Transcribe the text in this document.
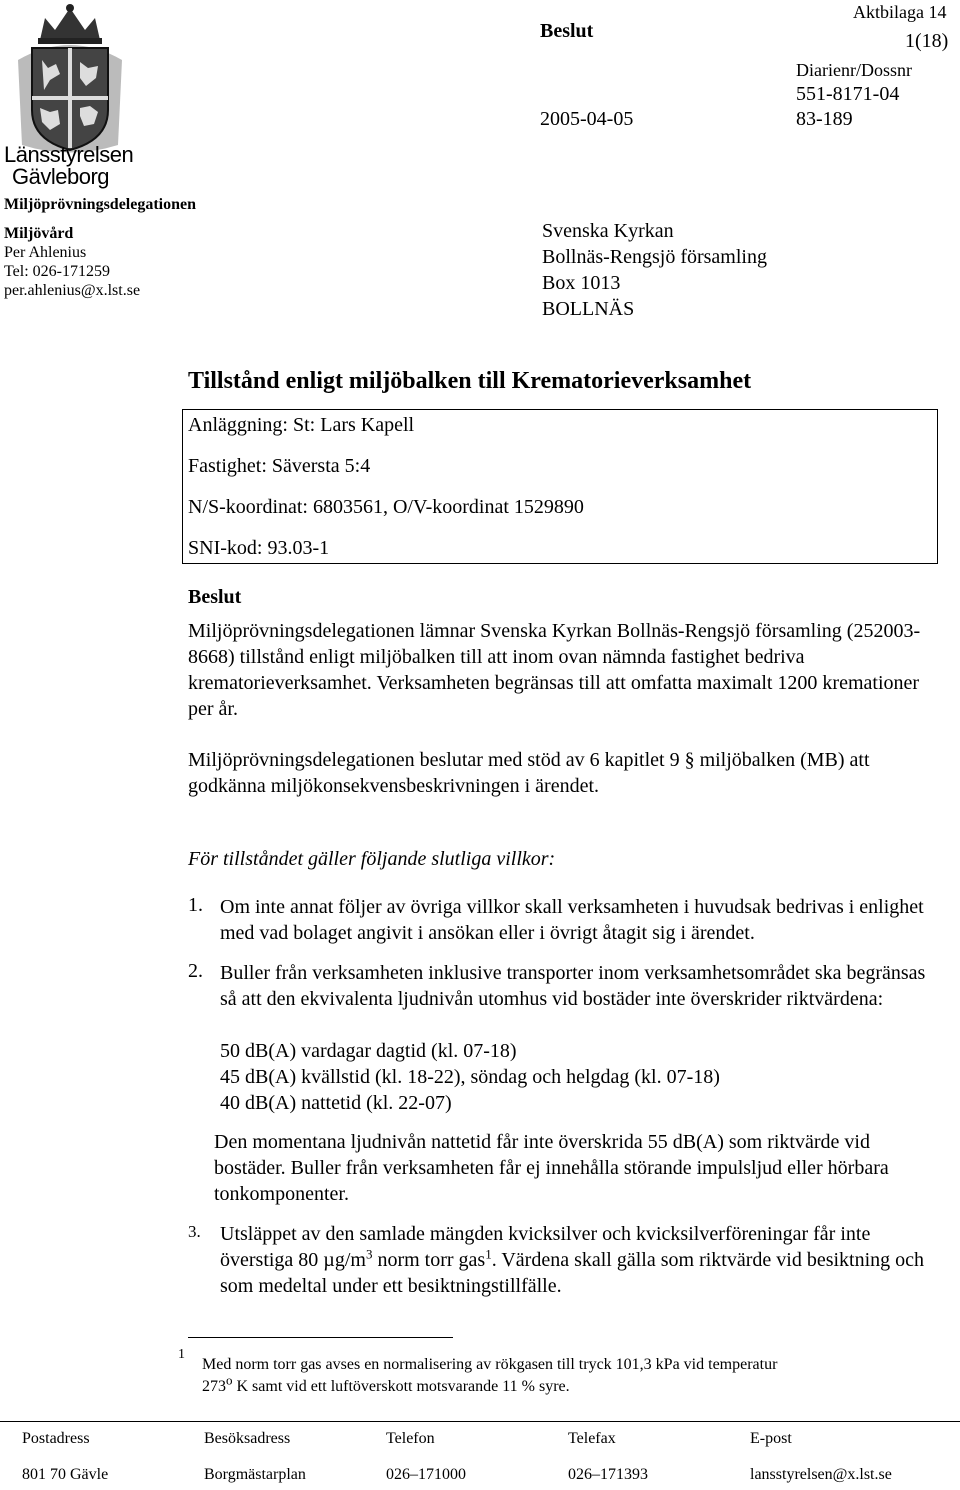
Länsstyrelsen
Gävleborg
Miljöprövningsdelegationen
Miljövård
Per Ahlenius
Tel: 026-171259
per.ahlenius@x.lst.se
Beslut
Aktbilaga 14
1(18)
Diarienr/Dossnr
551-8171-04
2005-04-05	83-189
Svenska Kyrkan
Bollnäs-Rengsjö församling
Box 1013
BOLLNÄS
Tillstånd enligt miljöbalken till Krematorieverksamhet
Anläggning: St: Lars Kapell
Fastighet: Säversta 5:4
N/S-koordinat: 6803561, O/V-koordinat 1529890
SNI-kod: 93.03-1
Beslut
Miljöprövningsdelegationen lämnar Svenska Kyrkan Bollnäs-Rengsjö församling (252003-8668) tillstånd enligt miljöbalken till att inom ovan nämnda fastighet bedriva krematorieverksamhet. Verksamheten begränsas till att omfatta maximalt 1200 kremationer per år.
Miljöprövningsdelegationen beslutar med stöd av 6 kapitlet 9 § miljöbalken (MB) att godkänna miljökonsekvensbeskrivningen i ärendet.
För tillståndet gäller följande slutliga villkor:
1. Om inte annat följer av övriga villkor skall verksamheten i huvudsak bedrivas i enlighet med vad bolaget angivit i ansökan eller i övrigt åtagit sig i ärendet.
2. Buller från verksamheten inklusive transporter inom verksamhetsområdet ska begränsas så att den ekvivalenta ljudnivån utomhus vid bostäder inte överskrider riktvärdena:
50 dB(A) vardagar dagtid (kl. 07-18)
45 dB(A) kvällstid (kl. 18-22), söndag och helgdag (kl. 07-18)
40 dB(A) nattetid (kl. 22-07)
Den momentana ljudnivån nattetid får inte överskrida 55 dB(A) som riktvärde vid bostäder. Buller från verksamheten får ej innehålla störande impulsljud eller hörbara tonkomponenter.
3. Utsläppet av den samlade mängden kvicksilver och kvicksilverföreningar får inte överstiga 80 $\mu g/m^3$ norm torr gas$^1$. Värdena skall gälla som riktvärde vid besiktning och som medeltal under ett besiktningstillfälle.
1
Med norm torr gas avses en normalisering av rökgasen till tryck 101,3 kPa vid temperatur
273$^o$ K samt vid ett luftöverskott motsvarande 11 % syre.
Postadress	Besöksadress	Telefon	Telefax	E-post
801 70 Gävle	Borgmästarplan	026–171000	026–171393	lansstyrelsen@x.lst.se
